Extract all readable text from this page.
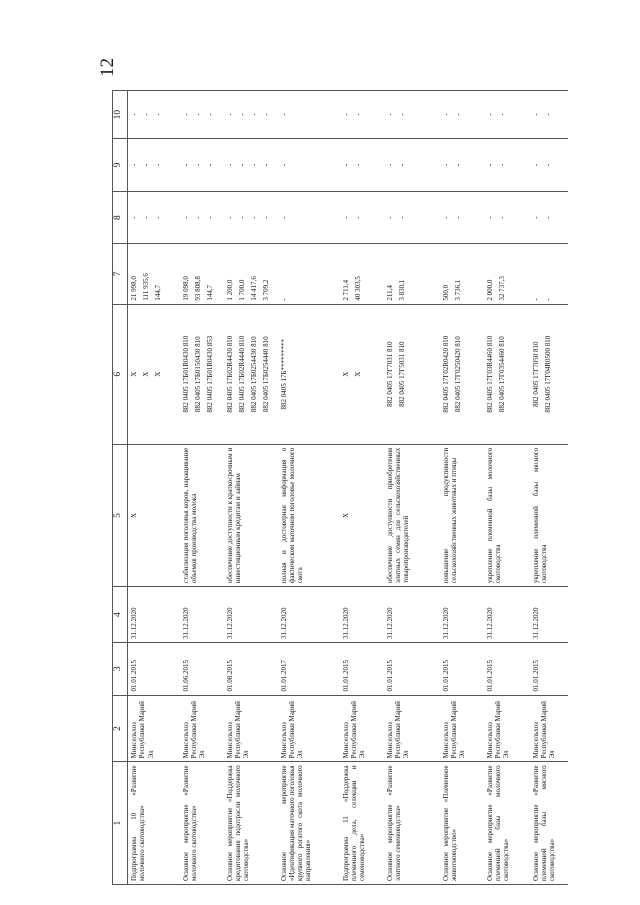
12
1	2	3	4	5	6	7	8	9	10
Подпрограмма 10 «Развитие молочного скотоводства»	Минсельхоз Республики Марий Эл	01.01.2015	31.12.2020	X	X X X	21 998,0 111 935,6 144,7	- - -	- - -	- - -

Основное мероприятие «Развитие молочного скотоводства»	Минсельхоз Республики Марий Эл	01.06.2015	31.12.2020	стабилизация поголовья коров, наращивание объемов производства молока	882 0405 17Б01R0430 810 882 0405 17Б0150430 810 882 0405 17Б01R0430 853	19 098,0 93 808,8 144,7	- - -	- - -	- - -

Основное мероприятие «Поддержка кредитования подотрасли молочного скотоводства»	Минсельхоз Республики Марий Эл	01.08.2015	31.12.2020	обеспечение доступности к краткосрочным и инвестиционным кредитам и займам	882 0405 17Б02R4430 810 882 0405 17Б02R4440 810 882 0405 17Б0254430 810 882 0405 17Б0254440 810	1 200,0 1 700,0 14 417,6 3 709,2	- - - -	- - - -	- - - -

Основное мероприятие «Идентификация маточного поголовья крупного рогатого скота молочного направления»	Минсельхоз Республики Марий Эл	01.01.2017	31.12.2020	полная и достоверная информация о фактическом маточном поголовье молочного скота	882 0405 17Б*********	-	-	-	-

Подпрограмма 11 «Поддержка племенного дела, селекции и семеноводства»	Минсельхоз Республики Марий Эл	01.01.2015	31.12.2020	X	X X	2 711,4 40 303,5	- -	- -	- -

Основное мероприятие «Развитие элитного семеноводства»	Минсельхоз Республики Марий Эл	01.01.2015	31.12.2020	обеспечение доступности приобретения элитных семян для сельскохозяйственных товаропроизводителей	882 0405 17Г7031 810 882 0405 17Г5031 810	211,4 3 830,1	- -	- -	- -

Основное мероприятие «Племенное животноводство»	Минсельхоз Республики Марий Эл	01.01.2015	31.12.2020	повышение продуктивности сельскохозяйственных животных и птицы	882 0405 17Г02R0420 810 882 0405 17Г0250420 810	500,0 3 736,1	- -	- -	- -

Основное мероприятие «Развитие племенной базы молочного скотоводства»	Минсельхоз Республики Марий Эл	01.01.2015	31.12.2020	укрепление племенной базы молочного скотоводства	882 0405 17Г03R4460 810 882 0405 17Г0354460 810	2 000,0 32 737,3	- -	- -	- -

Основное мероприятие «Развитие племенной базы мясного скотоводства»	Минсельхоз Республики Марий Эл	01.01.2015	31.12.2020	укрепление племенной базы мясного скотоводства	882 0405 17Г7050 810 882 0405 17Г04R0500 810	- -	- -	- -	- -
